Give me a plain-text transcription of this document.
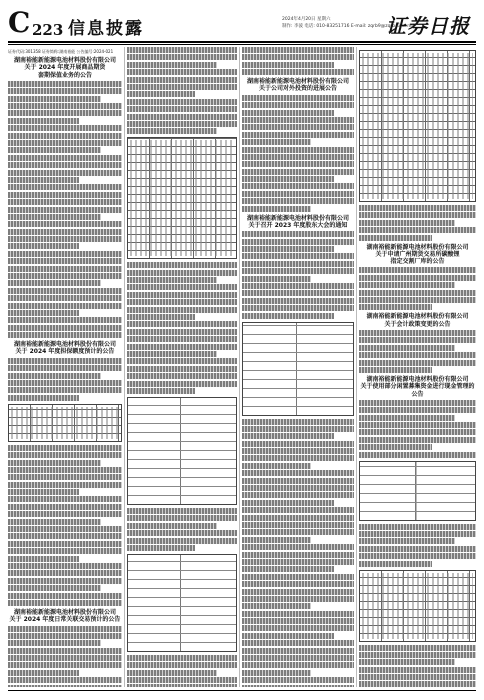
C 223 信息披露	2024年4月20日 星期六
制作: 李波 电话: 010-83251716 E-mail: zqrb9@zqrb.sina.net
证券日报
证券代码:301358 证券简称:湖南裕能 公告编号:2024-021
湖南裕能新能源电池材料股份有限公司
关于 2024 年度开展商品期货
套期保值业务的公告
湖南裕能新能源电池材料股份有限公司
关于 2024 年度担保额度预计的公告
湖南裕能新能源电池材料股份有限公司
关于 2024 年度日常关联交易预计的公告
湖南裕能新能源电池材料股份有限公司
关于公司对外投资的进展公告
湖南裕能新能源电池材料股份有限公司
关于召开 2023 年度股东大会的通知
湖南裕能新能源电池材料股份有限公司
关于申请广州期货交易所碳酸锂
指定交割厂库的公告
湖南裕能新能源电池材料股份有限公司
关于会计政策变更的公告
湖南裕能新能源电池材料股份有限公司
关于使用部分闲置募集资金进行现金管理的公告
